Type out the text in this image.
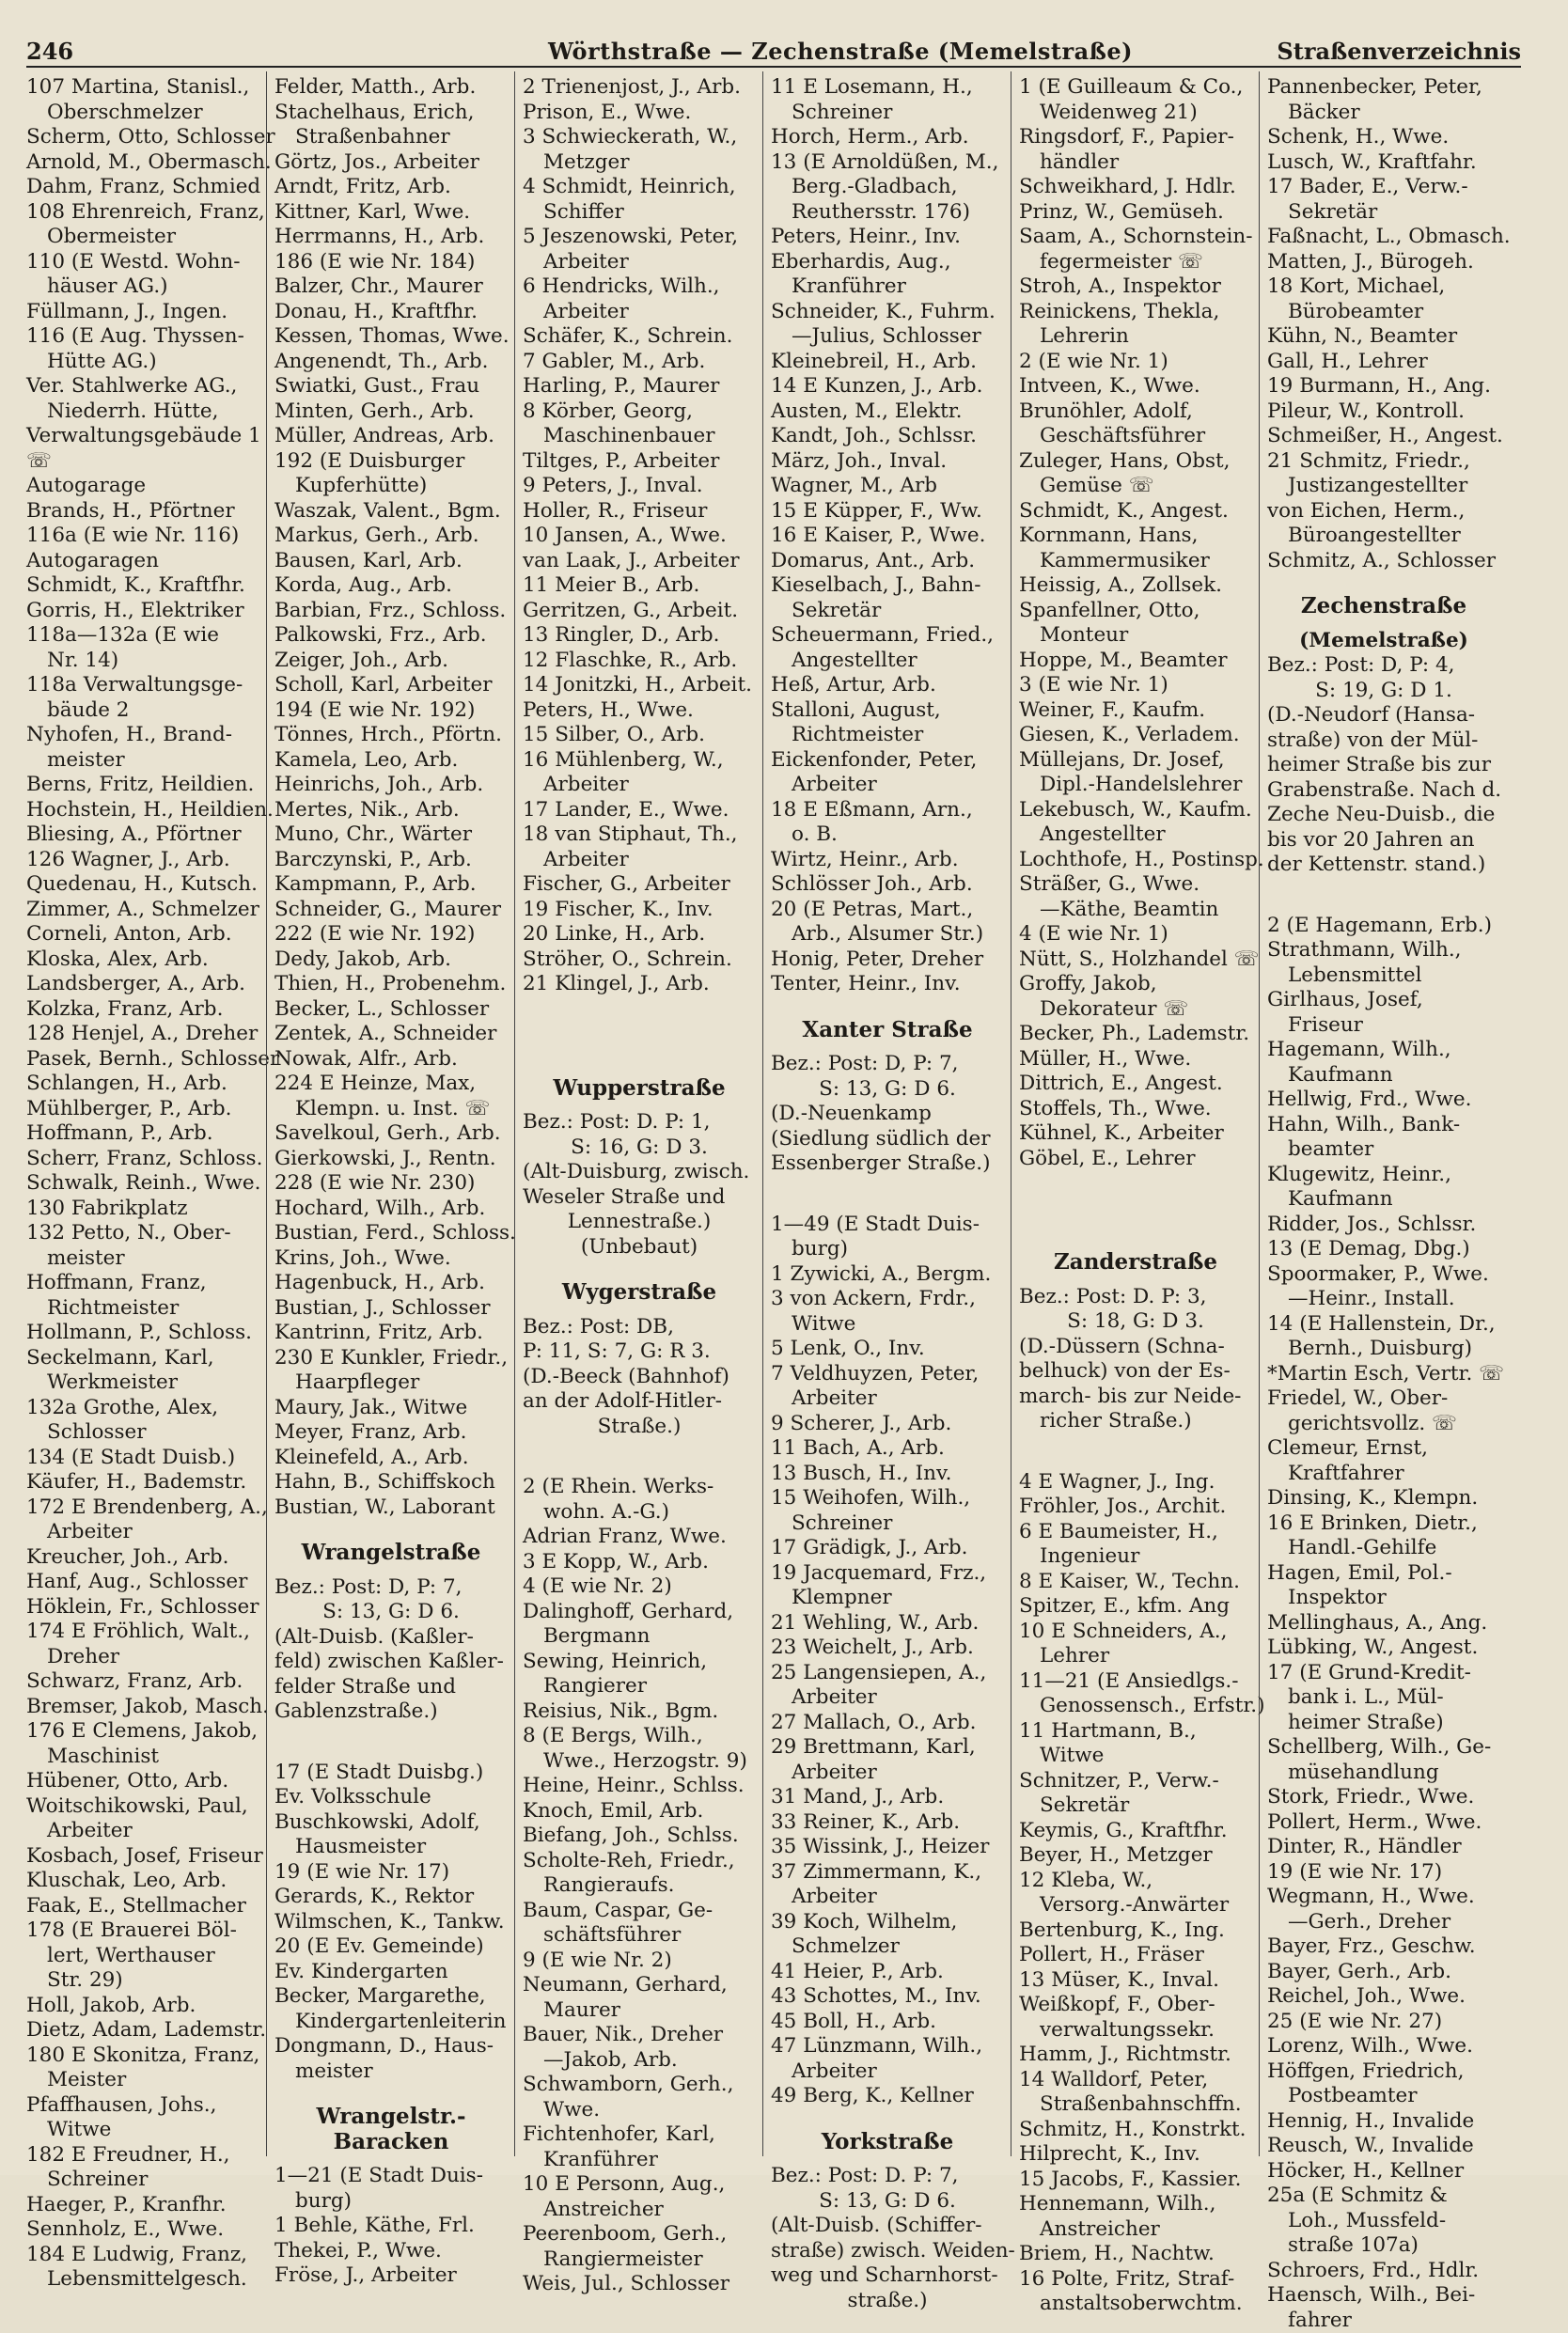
246	Wörthstraße — Zechenstraße (Memelstraße)	Straßenverzeichnis
107 Martina, Stanisl.,
Oberschmelzer
Scherm, Otto, Schlosser
Arnold, M., Obermasch.
Dahm, Franz, Schmied
108 Ehrenreich, Franz,
Obermeister
110 (E Westd. Wohn-
häuser AG.)
Füllmann, J., Ingen.
116 (E Aug. Thyssen-
Hütte AG.)
Ver. Stahlwerke AG.,
Niederrh. Hütte,
Verwaltungsgebäude 1
☏
Autogarage
Brands, H., Pförtner
116a (E wie Nr. 116)
Autogaragen
Schmidt, K., Kraftfhr.
Gorris, H., Elektriker
118a—132a (E wie
Nr. 14)
118a Verwaltungsge-
bäude 2
Nyhofen, H., Brand-
meister
Berns, Fritz, Heildien.
Hochstein, H., Heildien.
Bliesing, A., Pförtner
126 Wagner, J., Arb.
Quedenau, H., Kutsch.
Zimmer, A., Schmelzer
Corneli, Anton, Arb.
Kloska, Alex, Arb.
Landsberger, A., Arb.
Kolzka, Franz, Arb.
128 Henjel, A., Dreher
Pasek, Bernh., Schlosser
Schlangen, H., Arb.
Mühlberger, P., Arb.
Hoffmann, P., Arb.
Scherr, Franz, Schloss.
Schwalk, Reinh., Wwe.
130 Fabrikplatz
132 Petto, N., Ober-
meister
Hoffmann, Franz,
Richtmeister
Hollmann, P., Schloss.
Seckelmann, Karl,
Werkmeister
132a Grothe, Alex,
Schlosser
134 (E Stadt Duisb.)
Käufer, H., Bademstr.
172 E Brendenberg, A.,
Arbeiter
Kreucher, Joh., Arb.
Hanf, Aug., Schlosser
Höklein, Fr., Schlosser
174 E Fröhlich, Walt.,
Dreher
Schwarz, Franz, Arb.
Bremser, Jakob, Masch.
176 E Clemens, Jakob,
Maschinist
Hübener, Otto, Arb.
Woitschikowski, Paul,
Arbeiter
Kosbach, Josef, Friseur
Kluschak, Leo, Arb.
Faak, E., Stellmacher
178 (E Brauerei Böl-
lert, Werthauser
Str. 29)
Holl, Jakob, Arb.
Dietz, Adam, Lademstr.
180 E Skonitza, Franz,
Meister
Pfaffhausen, Johs.,
Witwe
182 E Freudner, H.,
Schreiner
Haeger, P., Kranfhr.
Sennholz, E., Wwe.
184 E Ludwig, Franz,
Lebensmittelgesch.
Felder, Matth., Arb.
Stachelhaus, Erich,
Straßenbahner
Görtz, Jos., Arbeiter
Arndt, Fritz, Arb.
Kittner, Karl, Wwe.
Herrmanns, H., Arb.
186 (E wie Nr. 184)
Balzer, Chr., Maurer
Donau, H., Kraftfhr.
Kessen, Thomas, Wwe.
Angenendt, Th., Arb.
Swiatki, Gust., Frau
Minten, Gerh., Arb.
Müller, Andreas, Arb.
192 (E Duisburger
Kupferhütte)
Waszak, Valent., Bgm.
Markus, Gerh., Arb.
Bausen, Karl, Arb.
Korda, Aug., Arb.
Barbian, Frz., Schloss.
Palkowski, Frz., Arb.
Zeiger, Joh., Arb.
Scholl, Karl, Arbeiter
194 (E wie Nr. 192)
Tönnes, Hrch., Pförtn.
Kamela, Leo, Arb.
Heinrichs, Joh., Arb.
Mertes, Nik., Arb.
Muno, Chr., Wärter
Barczynski, P., Arb.
Kampmann, P., Arb.
Schneider, G., Maurer
222 (E wie Nr. 192)
Dedy, Jakob, Arb.
Thien, H., Probenehm.
Becker, L., Schlosser
Zentek, A., Schneider
Nowak, Alfr., Arb.
224 E Heinze, Max,
Klempn. u. Inst. ☏
Savelkoul, Gerh., Arb.
Gierkowski, J., Rentn.
228 (E wie Nr. 230)
Hochard, Wilh., Arb.
Bustian, Ferd., Schloss.
Krins, Joh., Wwe.
Hagenbuck, H., Arb.
Bustian, J., Schlosser
Kantrinn, Fritz, Arb.
230 E Kunkler, Friedr.,
Haarpfleger
Maury, Jak., Witwe
Meyer, Franz, Arb.
Kleinefeld, A., Arb.
Hahn, B., Schiffskoch
Bustian, W., Laborant
Wrangelstraße
Bez.: Post: D, P: 7,
S: 13, G: D 6.
(Alt-Duisb. (Kaßler-
feld) zwischen Kaßler-
felder Straße und
Gablenzstraße.)
17 (E Stadt Duisbg.)
Ev. Volksschule
Buschkowski, Adolf,
Hausmeister
19 (E wie Nr. 17)
Gerards, K., Rektor
Wilmschen, K., Tankw.
20 (E Ev. Gemeinde)
Ev. Kindergarten
Becker, Margarethe,
Kindergartenleiterin
Dongmann, D., Haus-
meister
Wrangelstr.-Baracken
1—21 (E Stadt Duis-
burg)
1 Behle, Käthe, Frl.
Thekei, P., Wwe.
Fröse, J., Arbeiter
2 Trienenjost, J., Arb.
Prison, E., Wwe.
3 Schwieckerath, W.,
Metzger
4 Schmidt, Heinrich,
Schiffer
5 Jeszenowski, Peter,
Arbeiter
6 Hendricks, Wilh.,
Arbeiter
Schäfer, K., Schrein.
7 Gabler, M., Arb.
Harling, P., Maurer
8 Körber, Georg,
Maschinenbauer
Tiltges, P., Arbeiter
9 Peters, J., Inval.
Holler, R., Friseur
10 Jansen, A., Wwe.
van Laak, J., Arbeiter
11 Meier B., Arb.
Gerritzen, G., Arbeit.
13 Ringler, D., Arb.
12 Flaschke, R., Arb.
14 Jonitzki, H., Arbeit.
Peters, H., Wwe.
15 Silber, O., Arb.
16 Mühlenberg, W.,
Arbeiter
17 Lander, E., Wwe.
18 van Stiphaut, Th.,
Arbeiter
Fischer, G., Arbeiter
19 Fischer, K., Inv.
20 Linke, H., Arb.
Ströher, O., Schrein.
21 Klingel, J., Arb.
Wupperstraße
Bez.: Post: D. P: 1,
S: 16, G: D 3.
(Alt-Duisburg, zwisch.
Weseler Straße und
Lennestraße.)
(Unbebaut)
Wygerstraße
Bez.: Post: DB,
P: 11, S: 7, G: R 3.
(D.-Beeck (Bahnhof)
an der Adolf-Hitler-
Straße.)
2 (E Rhein. Werks-
wohn. A.-G.)
Adrian Franz, Wwe.
3 E Kopp, W., Arb.
4 (E wie Nr. 2)
Dalinghoff, Gerhard,
Bergmann
Sewing, Heinrich,
Rangierer
Reisius, Nik., Bgm.
8 (E Bergs, Wilh.,
Wwe., Herzogstr. 9)
Heine, Heinr., Schlss.
Knoch, Emil, Arb.
Biefang, Joh., Schlss.
Scholte-Reh, Friedr.,
Rangieraufs.
Baum, Caspar, Ge-
schäftsführer
9 (E wie Nr. 2)
Neumann, Gerhard,
Maurer
Bauer, Nik., Dreher
—Jakob, Arb.
Schwamborn, Gerh.,
Wwe.
Fichtenhofer, Karl,
Kranführer
10 E Personn, Aug.,
Anstreicher
Peerenboom, Gerh.,
Rangiermeister
Weis, Jul., Schlosser
11 E Losemann, H.,
Schreiner
Horch, Herm., Arb.
13 (E Arnoldüßen, M.,
Berg.-Gladbach,
Reuthersstr. 176)
Peters, Heinr., Inv.
Eberhardis, Aug.,
Kranführer
Schneider, K., Fuhrm.
—Julius, Schlosser
Kleinebreil, H., Arb.
14 E Kunzen, J., Arb.
Austen, M., Elektr.
Kandt, Joh., Schlssr.
März, Joh., Inval.
Wagner, M., Arb
15 E Küpper, F., Ww.
16 E Kaiser, P., Wwe.
Domarus, Ant., Arb.
Kieselbach, J., Bahn-
Sekretär
Scheuermann, Fried.,
Angestellter
Heß, Artur, Arb.
Stalloni, August,
Richtmeister
Eickenfonder, Peter,
Arbeiter
18 E Eßmann, Arn.,
o. B.
Wirtz, Heinr., Arb.
Schlösser Joh., Arb.
20 (E Petras, Mart.,
Arb., Alsumer Str.)
Honig, Peter, Dreher
Tenter, Heinr., Inv.
Xanter Straße
Bez.: Post: D, P: 7,
S: 13, G: D 6.
(D.-Neuenkamp
(Siedlung südlich der
Essenberger Straße.)
1—49 (E Stadt Duis-
burg)
1 Zywicki, A., Bergm.
3 von Ackern, Frdr.,
Witwe
5 Lenk, O., Inv.
7 Veldhuyzen, Peter,
Arbeiter
9 Scherer, J., Arb.
11 Bach, A., Arb.
13 Busch, H., Inv.
15 Weihofen, Wilh.,
Schreiner
17 Grädigk, J., Arb.
19 Jacquemard, Frz.,
Klempner
21 Wehling, W., Arb.
23 Weichelt, J., Arb.
25 Langensiepen, A.,
Arbeiter
27 Mallach, O., Arb.
29 Brettmann, Karl,
Arbeiter
31 Mand, J., Arb.
33 Reiner, K., Arb.
35 Wissink, J., Heizer
37 Zimmermann, K.,
Arbeiter
39 Koch, Wilhelm,
Schmelzer
41 Heier, P., Arb.
43 Schottes, M., Inv.
45 Boll, H., Arb.
47 Lünzmann, Wilh.,
Arbeiter
49 Berg, K., Kellner
Yorkstraße
Bez.: Post: D. P: 7,
S: 13, G: D 6.
(Alt-Duisb. (Schiffer-
straße) zwisch. Weiden-
weg und Scharnhorst-
straße.)
1 (E Guilleaum & Co.,
Weidenweg 21)
Ringsdorf, F., Papier-
händler
Schweikhard, J. Hdlr.
Prinz, W., Gemüseh.
Saam, A., Schornstein-
fegermeister ☏
Stroh, A., Inspektor
Reinickens, Thekla,
Lehrerin
2 (E wie Nr. 1)
Intveen, K., Wwe.
Brunöhler, Adolf,
Geschäftsführer
Zuleger, Hans, Obst,
Gemüse ☏
Schmidt, K., Angest.
Kornmann, Hans,
Kammermusiker
Heissig, A., Zollsek.
Spanfellner, Otto,
Monteur
Hoppe, M., Beamter
3 (E wie Nr. 1)
Weiner, F., Kaufm.
Giesen, K., Verladem.
Müllejans, Dr. Josef,
Dipl.-Handelslehrer
Lekebusch, W., Kaufm.
Angestellter
Lochthofe, H., Postinsp.
Sträßer, G., Wwe.
—Käthe, Beamtin
4 (E wie Nr. 1)
Nütt, S., Holzhandel ☏
Groffy, Jakob,
Dekorateur ☏
Becker, Ph., Lademstr.
Müller, H., Wwe.
Dittrich, E., Angest.
Stoffels, Th., Wwe.
Kühnel, K., Arbeiter
Göbel, E., Lehrer
Zanderstraße
Bez.: Post: D. P: 3,
S: 18, G: D 3.
(D.-Düssern (Schna-
belhuck) von der Es-
march- bis zur Neide-
richer Straße.)
4 E Wagner, J., Ing.
Fröhler, Jos., Archit.
6 E Baumeister, H.,
Ingenieur
8 E Kaiser, W., Techn.
Spitzer, E., kfm. Ang
10 E Schneiders, A.,
Lehrer
11—21 (E Ansiedlgs.-
Genossensch., Erfstr.)
11 Hartmann, B.,
Witwe
Schnitzer, P., Verw.-
Sekretär
Keymis, G., Kraftfhr.
Beyer, H., Metzger
12 Kleba, W.,
Versorg.-Anwärter
Bertenburg, K., Ing.
Pollert, H., Fräser
13 Müser, K., Inval.
Weißkopf, F., Ober-
verwaltungssekr.
Hamm, J., Richtmstr.
14 Walldorf, Peter,
Straßenbahnschffn.
Schmitz, H., Konstrkt.
Hilprecht, K., Inv.
15 Jacobs, F., Kassier.
Hennemann, Wilh.,
Anstreicher
Briem, H., Nachtw.
16 Polte, Fritz, Straf-
anstaltsoberwchtm.
Pannenbecker, Peter,
Bäcker
Schenk, H., Wwe.
Lusch, W., Kraftfahr.
17 Bader, E., Verw.-
Sekretär
Faßnacht, L., Obmasch.
Matten, J., Bürogeh.
18 Kort, Michael,
Bürobeamter
Kühn, N., Beamter
Gall, H., Lehrer
19 Burmann, H., Ang.
Pileur, W., Kontroll.
Schmeißer, H., Angest.
21 Schmitz, Friedr.,
Justizangestellter
von Eichen, Herm.,
Büroangestellter
Schmitz, A., Schlosser
Zechenstraße
(Memelstraße)
Bez.: Post: D, P: 4,
S: 19, G: D 1.
(D.-Neudorf (Hansa-
straße) von der Mül-
heimer Straße bis zur
Grabenstraße. Nach d.
Zeche Neu-Duisb., die
bis vor 20 Jahren an
der Kettenstr. stand.)
2 (E Hagemann, Erb.)
Strathmann, Wilh.,
Lebensmittel
Girlhaus, Josef,
Friseur
Hagemann, Wilh.,
Kaufmann
Hellwig, Frd., Wwe.
Hahn, Wilh., Bank-
beamter
Klugewitz, Heinr.,
Kaufmann
Ridder, Jos., Schlssr.
13 (E Demag, Dbg.)
Spoormaker, P., Wwe.
—Heinr., Install.
14 (E Hallenstein, Dr.,
Bernh., Duisburg)
*Martin Esch, Vertr. ☏
Friedel, W., Ober-
gerichtsvollz. ☏
Clemeur, Ernst,
Kraftfahrer
Dinsing, K., Klempn.
16 E Brinken, Dietr.,
Handl.-Gehilfe
Hagen, Emil, Pol.-
Inspektor
Mellinghaus, A., Ang.
Lübking, W., Angest.
17 (E Grund-Kredit-
bank i. L., Mül-
heimer Straße)
Schellberg, Wilh., Ge-
müsehandlung
Stork, Friedr., Wwe.
Pollert, Herm., Wwe.
Dinter, R., Händler
19 (E wie Nr. 17)
Wegmann, H., Wwe.
—Gerh., Dreher
Bayer, Frz., Geschw.
Bayer, Gerh., Arb.
Reichel, Joh., Wwe.
25 (E wie Nr. 27)
Lorenz, Wilh., Wwe.
Höffgen, Friedrich,
Postbeamter
Hennig, H., Invalide
Reusch, W., Invalide
Höcker, H., Kellner
25a (E Schmitz &
Loh., Mussfeld-
straße 107a)
Schroers, Frd., Hdlr.
Haensch, Wilh., Bei-
fahrer
